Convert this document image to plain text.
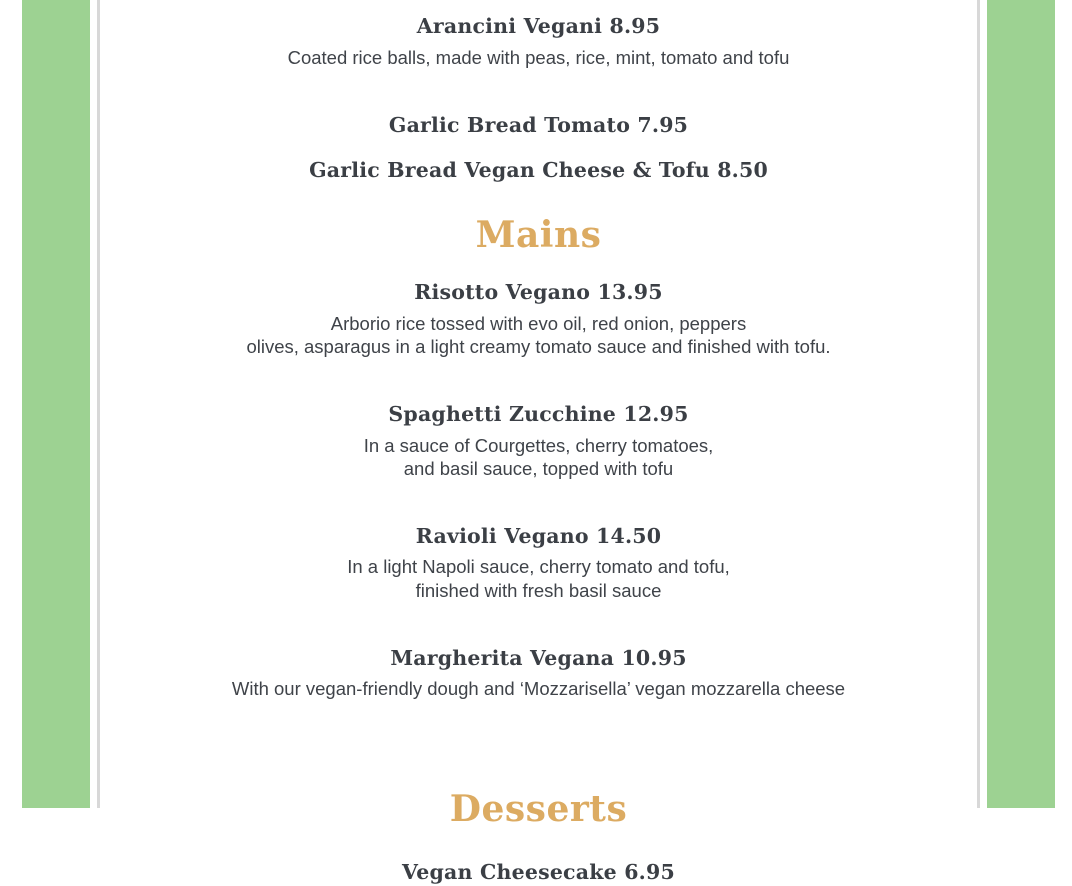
Arancini Vegani 8.95
Coated rice balls, made with peas, rice, mint, tomato and tofu
Garlic Bread Tomato 7.95
Garlic Bread Vegan Cheese & Tofu 8.50
Mains
Risotto Vegano 13.95
Arborio rice tossed with evo oil, red onion, peppers
olives, asparagus in a light creamy tomato sauce and finished with tofu.
Spaghetti Zucchine 12.95
In a sauce of Courgettes, cherry tomatoes,
and basil sauce, topped with tofu
Ravioli Vegano 14.50
In a light Napoli sauce, cherry tomato and tofu,
finished with fresh basil sauce
Margherita Vegana 10.95
With our vegan-friendly dough and ‘Mozzarisella’ vegan mozzarella cheese
Desserts
Vegan Cheesecake 6.95
